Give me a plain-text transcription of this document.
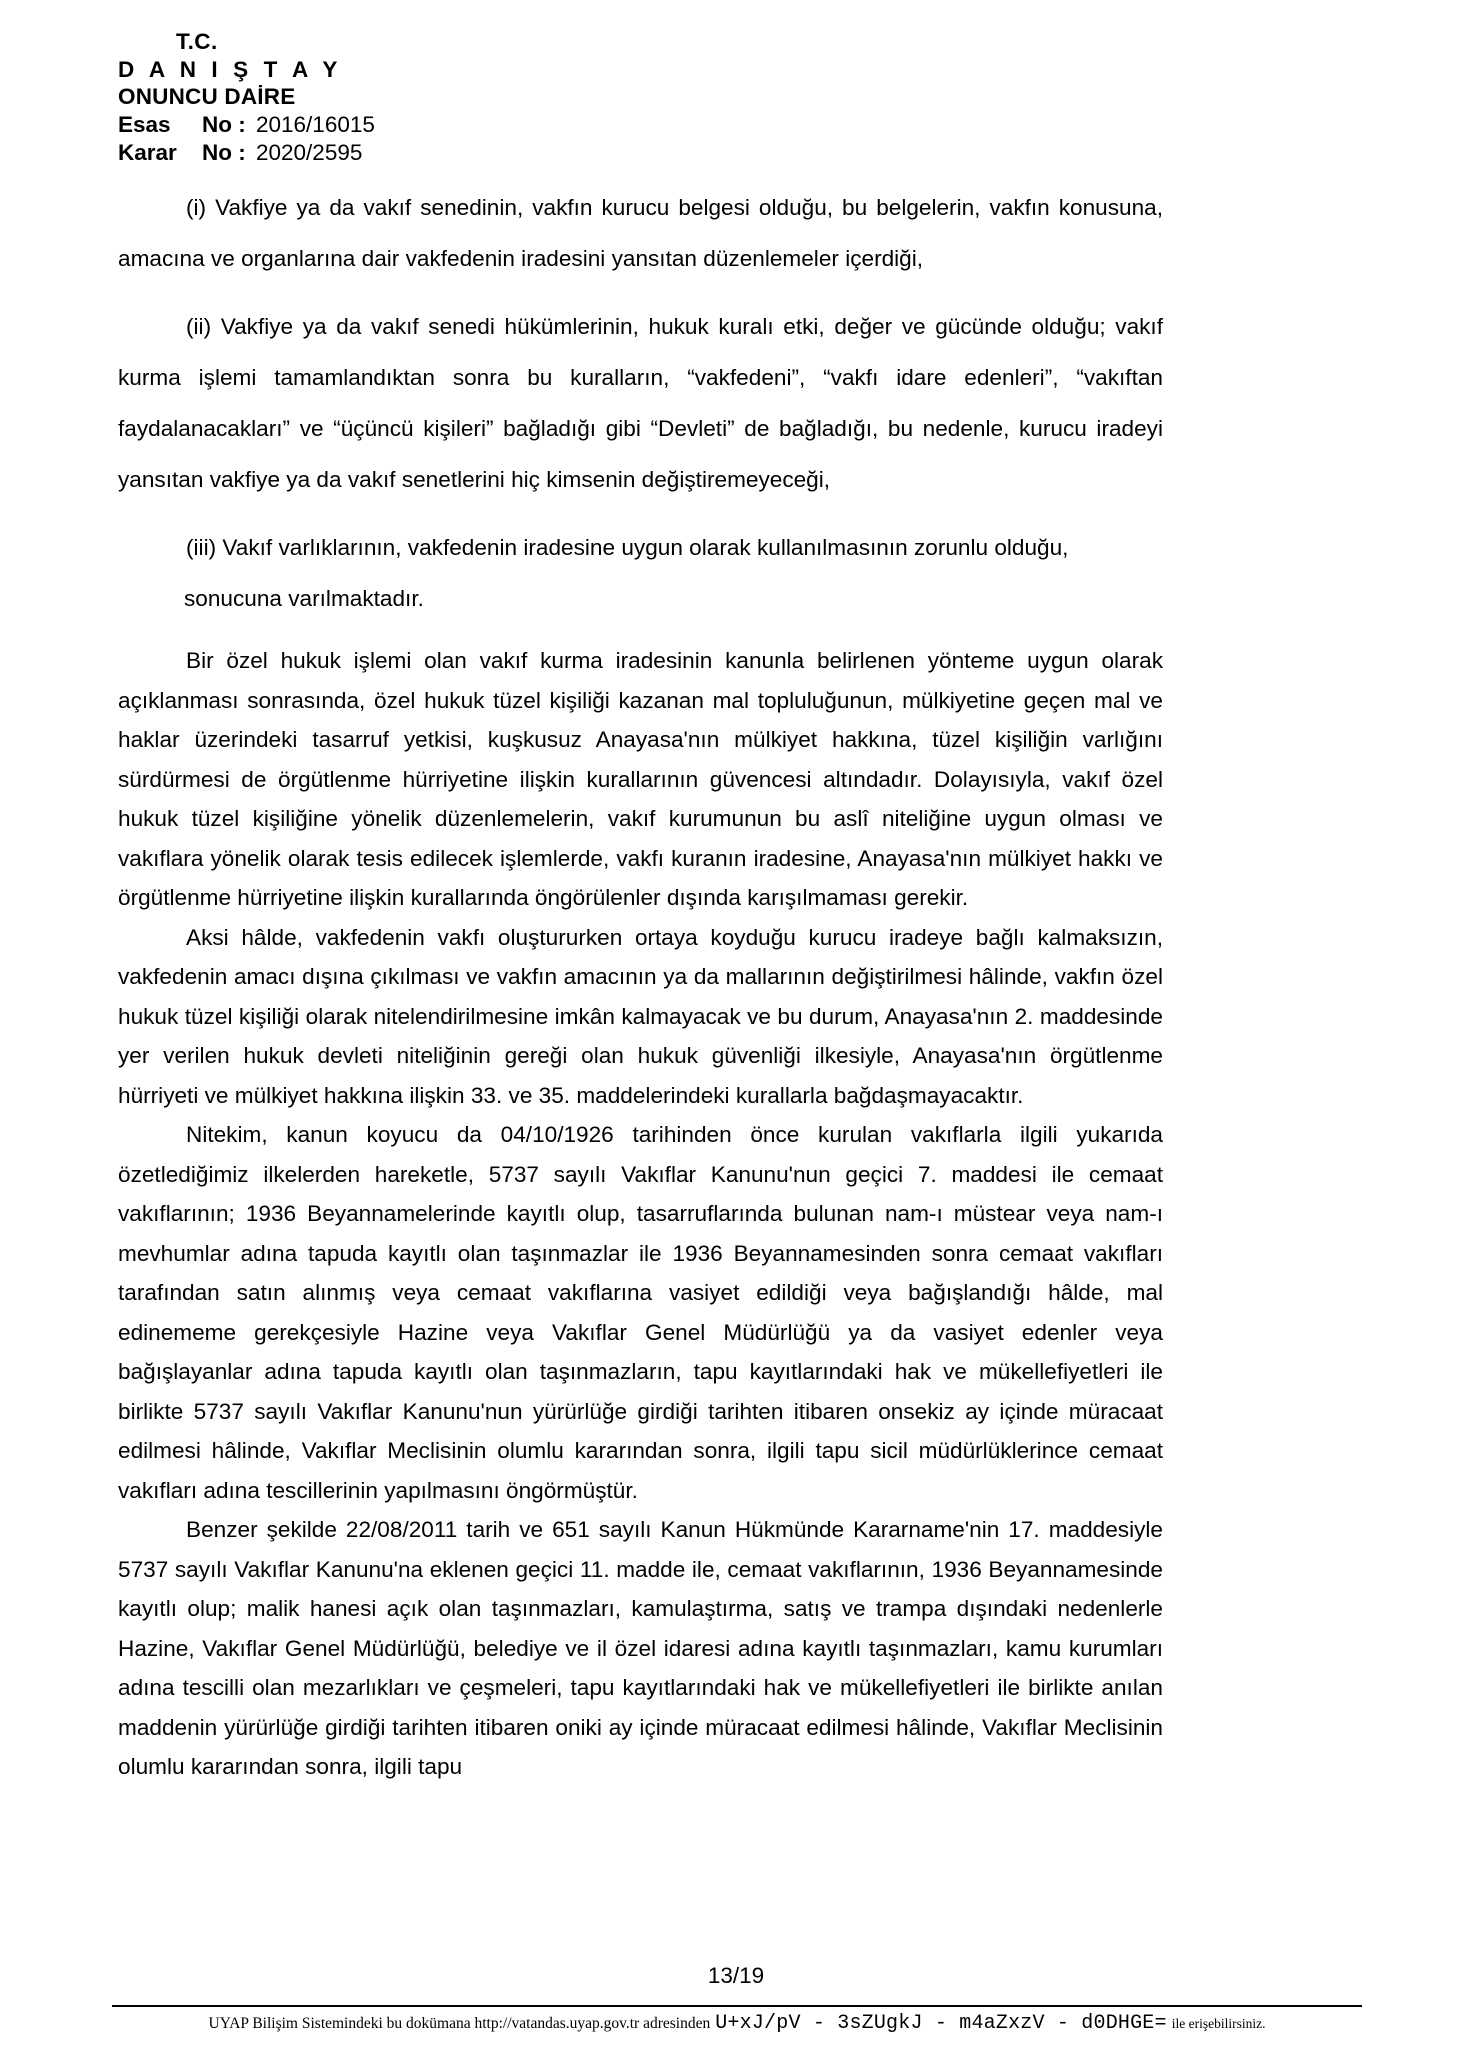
T.C.
D A N I Ş T A Y
ONUNCU DAİRE
Esas	No : 2016/16015
Karar	No : 2020/2595

(i) Vakfiye ya da vakıf senedinin, vakfın kurucu belgesi olduğu, bu belgelerin, vakfın konusuna, amacına ve organlarına dair vakfedenin iradesini yansıtan düzenlemeler içerdiği,

(ii) Vakfiye ya da vakıf senedi hükümlerinin, hukuk kuralı etki, değer ve gücünde olduğu; vakıf kurma işlemi tamamlandıktan sonra bu kuralların, “vakfedeni”, “vakfı idare edenleri”, “vakıftan faydalanacakları” ve “üçüncü kişileri” bağladığı gibi “Devleti” de bağladığı, bu nedenle, kurucu iradeyi yansıtan vakfiye ya da vakıf senetlerini hiç kimsenin değiştiremeyeceği,

(iii) Vakıf varlıklarının, vakfedenin iradesine uygun olarak kullanılmasının zorunlu olduğu,

sonucuna varılmaktadır.

Bir özel hukuk işlemi olan vakıf kurma iradesinin kanunla belirlenen yönteme uygun olarak açıklanması sonrasında, özel hukuk tüzel kişiliği kazanan mal topluluğunun, mülkiyetine geçen mal ve haklar üzerindeki tasarruf yetkisi, kuşkusuz Anayasa'nın mülkiyet hakkına, tüzel kişiliğin varlığını sürdürmesi de örgütlenme hürriyetine ilişkin kurallarının güvencesi altındadır. Dolayısıyla, vakıf özel hukuk tüzel kişiliğine yönelik düzenlemelerin, vakıf kurumunun bu aslî niteliğine uygun olması ve vakıflara yönelik olarak tesis edilecek işlemlerde, vakfı kuranın iradesine, Anayasa'nın mülkiyet hakkı ve örgütlenme hürriyetine ilişkin kurallarında öngörülenler dışında karışılmaması gerekir.

Aksi hâlde, vakfedenin vakfı oluştururken ortaya koyduğu kurucu iradeye bağlı kalmaksızın, vakfedenin amacı dışına çıkılması ve vakfın amacının ya da mallarının değiştirilmesi hâlinde, vakfın özel hukuk tüzel kişiliği olarak nitelendirilmesine imkân kalmayacak ve bu durum, Anayasa'nın 2. maddesinde yer verilen hukuk devleti niteliğinin gereği olan hukuk güvenliği ilkesiyle, Anayasa'nın örgütlenme hürriyeti ve mülkiyet hakkına ilişkin 33. ve 35. maddelerindeki kurallarla bağdaşmayacaktır.

Nitekim, kanun koyucu da 04/10/1926 tarihinden önce kurulan vakıflarla ilgili yukarıda özetlediğimiz ilkelerden hareketle, 5737 sayılı Vakıflar Kanunu'nun geçici 7. maddesi ile cemaat vakıflarının; 1936 Beyannamelerinde kayıtlı olup, tasarruflarında bulunan nam-ı müstear veya nam-ı mevhumlar adına tapuda kayıtlı olan taşınmazlar ile 1936 Beyannamesinden sonra cemaat vakıfları tarafından satın alınmış veya cemaat vakıflarına vasiyet edildiği veya bağışlandığı hâlde, mal edinememe gerekçesiyle Hazine veya Vakıflar Genel Müdürlüğü ya da vasiyet edenler veya bağışlayanlar adına tapuda kayıtlı olan taşınmazların, tapu kayıtlarındaki hak ve mükellefiyetleri ile birlikte 5737 sayılı Vakıflar Kanunu'nun yürürlüğe girdiği tarihten itibaren onsekiz ay içinde müracaat edilmesi hâlinde, Vakıflar Meclisinin olumlu kararından sonra, ilgili tapu sicil müdürlüklerince cemaat vakıfları adına tescillerinin yapılmasını öngörmüştür.

Benzer şekilde 22/08/2011 tarih ve 651 sayılı Kanun Hükmünde Kararname'nin 17. maddesiyle 5737 sayılı Vakıflar Kanunu'na eklenen geçici 11. madde ile, cemaat vakıflarının, 1936 Beyannamesinde kayıtlı olup; malik hanesi açık olan taşınmazları, kamulaştırma, satış ve trampa dışındaki nedenlerle Hazine, Vakıflar Genel Müdürlüğü, belediye ve il özel idaresi adına kayıtlı taşınmazları, kamu kurumları adına tescilli olan mezarlıkları ve çeşmeleri, tapu kayıtlarındaki hak ve mükellefiyetleri ile birlikte anılan maddenin yürürlüğe girdiği tarihten itibaren oniki ay içinde müracaat edilmesi hâlinde, Vakıflar Meclisinin olumlu kararından sonra, ilgili tapu

13/19
UYAP Bilişim Sistemindeki bu dokümana http://vatandas.uyap.gov.tr adresinden U+xJ/pV - 3sZUgkJ - m4aZxzV - d0DHGE= ile erişebilirsiniz.
